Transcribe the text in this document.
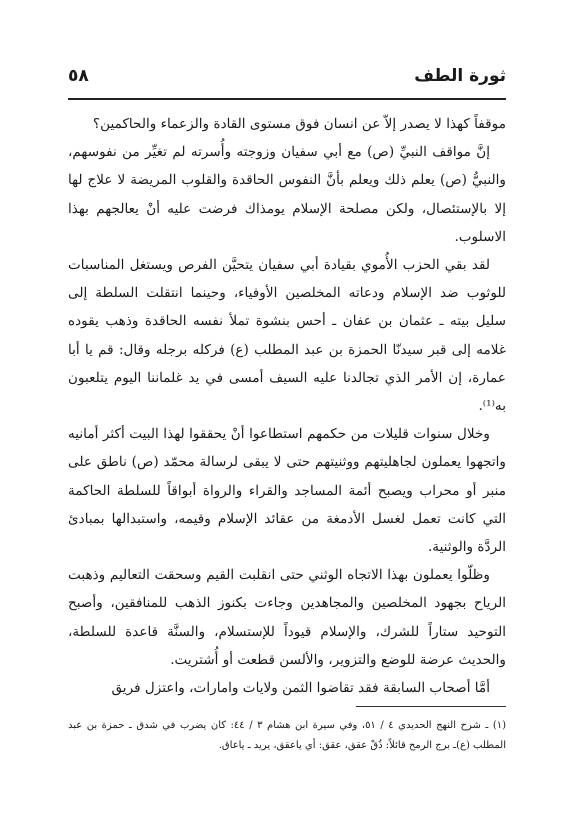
ثورة الطف
٥٨

موقفاً كهذا لا يصدر إلاّ عن انسان فوق مستوى القادة والزعماء والحاكمين؟

إنَّ مواقف النبيِّ (ص) مع أبي سفيان وزوجته وأُسرته لم تغيِّر من نفوسهم، والنبيُّ (ص) يعلم ذلك ويعلم بأنَّ النفوس الحاقدة والقلوب المريضة لا علاج لها إلا بالإستئصال، ولكن مصلحة الإسلام يومذاك فرضت عليه أنْ يعالجهم بهذا الاسلوب.

لقد بقي الحزب الأُموي بقيادة أبي سفيان يتحيَّن الفرص ويستغل المناسبات للوثوب ضد الإسلام ودعاته المخلصين الأوفياء، وحينما انتقلت السلطة إلى سليل بيته ـ عثمان بن عفان ـ أحس بنشوة تملأ نفسه الحاقدة وذهب يقوده غلامه إلى قبر سيدنّا الحمزة بن عبد المطلب (ع) فركله برجله وقال: قم يا أبا عمارة، إن الأمر الذي تجالدنا عليه السيف أمسى في يد غلماننا اليوم يتلعبون به⁽¹⁾.

وخلال سنوات قليلات من حكمهم استطاعوا أنْ يحققوا لهذا البيت أكثر أمانيه واتجهوا يعملون لجاهليتهم ووثنيتهم حتى لا يبقى لرسالة محمّد (ص) ناطق على منبر أو محراب ويصبح أئمة المساجد والقراء والرواة أبواقاً للسلطة الحاكمة التي كانت تعمل لغسل الأدمغة من عقائد الإسلام وقيمه، واستبدالها بمبادئ الردَّة والوثنية.

وظلّوا يعملون بهذا الاتجاه الوثني حتى انقلبت القيم وسحقت التعاليم وذهبت الرياح بجهود المخلصين والمجاهدين وجاءت بكنوز الذهب للمنافقين، وأصبح التوحيد ستاراً للشرك، والإسلام قيوداً للإستسلام، والسنَّة قاعدة للسلطة، والحديث عرضة للوضع والتزوير، والألسن قطعت أو أُشتريت.

أمَّا أصحاب السابقة فقد تقاضوا الثمن ولايات وامارات، واعتزل فريق

(١) ـ شرح النهج الحديدي ٤ / ٥١، وفي سيرة ابن هشام ٣ / ٤٤: كان يضرب في شدق ـ حمزة بن عبد المطلب (ع)ـ برج الرمح قائلاً: ذُقْ عقق، عقق: أي ياعقق، يريد ـ ياعاق.
